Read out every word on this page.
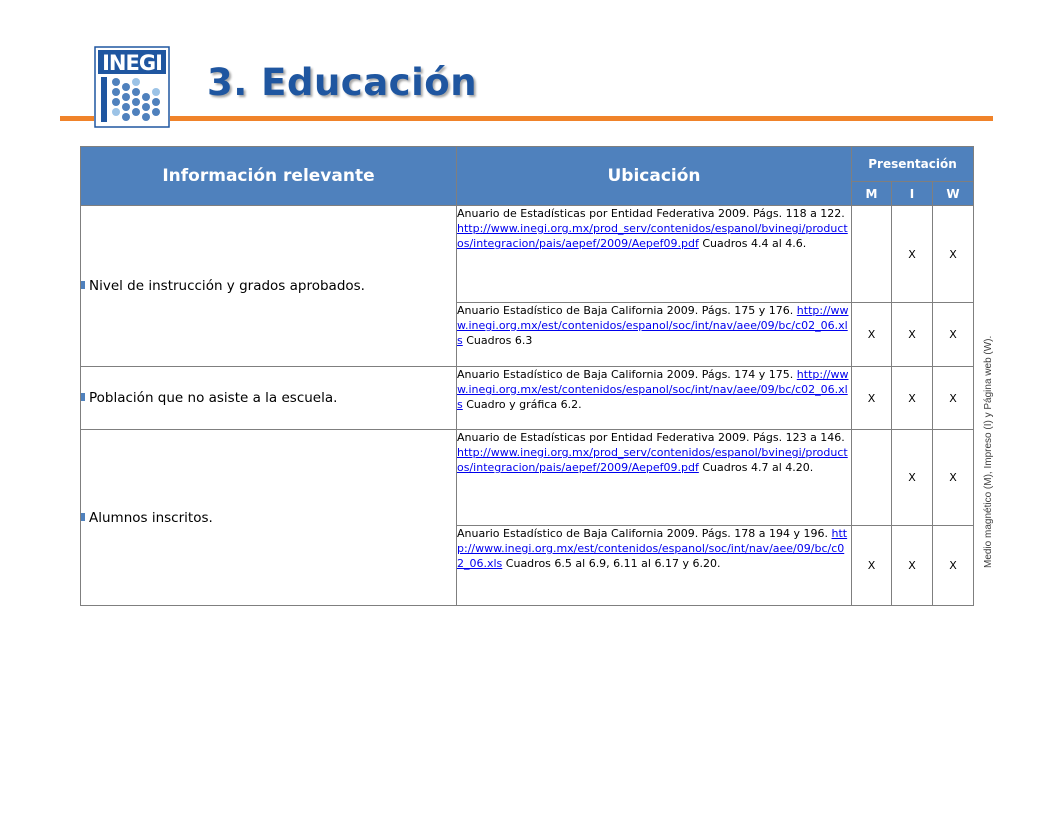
INEGI 3. Educación
Información relevante	Ubicación	Presentación		
		M	I	W
Nivel de instrucción y grados aprobados.	Anuario de Estadísticas por Entidad Federativa 2009. Págs. 118 a 122. http://www.inegi.org.mx/prod_serv/contenidos/espanol/bvinegi/productos/integracion/pais/aepef/2009/Aepef09.pdf Cuadros 4.4 al 4.6.		X	X
	Anuario Estadístico de Baja California 2009. Págs. 175 y 176. http://www.inegi.org.mx/est/contenidos/espanol/soc/int/nav/aee/09/bc/c02_06.xls Cuadros 6.3	X	X	X
Población que no asiste a la escuela.	Anuario Estadístico de Baja California 2009. Págs. 174 y 175. http://www.inegi.org.mx/est/contenidos/espanol/soc/int/nav/aee/09/bc/c02_06.xls Cuadro y gráfica 6.2.	X	X	X
Alumnos inscritos.	Anuario de Estadísticas por Entidad Federativa 2009. Págs. 123 a 146. http://www.inegi.org.mx/prod_serv/contenidos/espanol/bvinegi/productos/integracion/pais/aepef/2009/Aepef09.pdf Cuadros 4.7 al 4.20.		X	X
	Anuario Estadístico de Baja California 2009. Págs. 178 a 194 y 196. http://www.inegi.org.mx/est/contenidos/espanol/soc/int/nav/aee/09/bc/c02_06.xls Cuadros 6.5 al 6.9, 6.11 al 6.17 y 6.20.	X	X	X	Medio magnético (M), Impreso (I) y Página web (W).
